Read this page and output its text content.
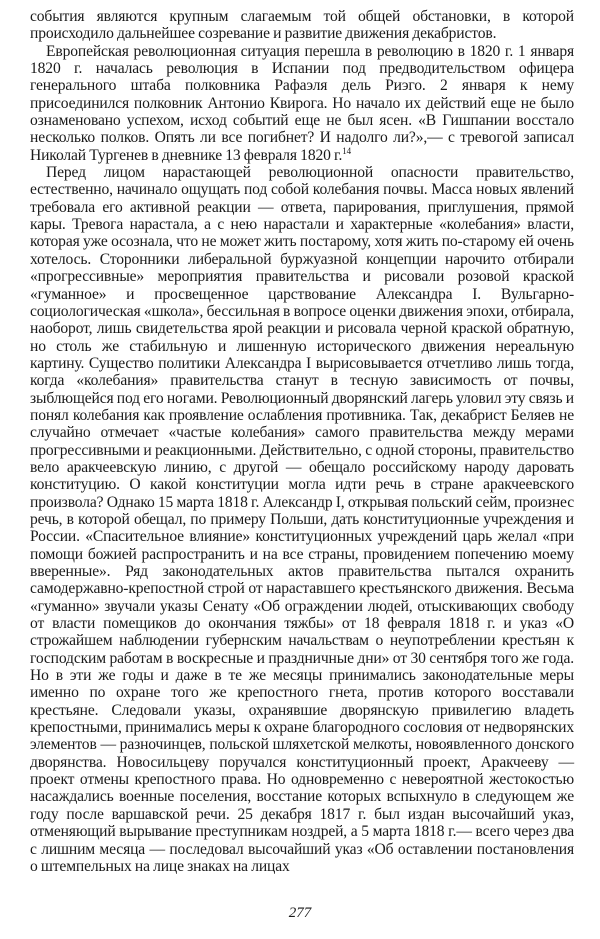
события являются крупным слагаемым той общей обстановки, в которой происходило дальнейшее созревание и развитие движения декабристов.

Европейская революционная ситуация перешла в революцию в 1820 г. 1 января 1820 г. началась революция в Испании под предводительством офицера генерального штаба полковника Рафаэля дель Риэго. 2 января к нему присоединился полковник Антонио Квирога. Но начало их действий еще не было ознаменовано успехом, исход событий еще не был ясен. «В Гишпании восстало несколько полков. Опять ли все погибнет? И надолго ли?»,— с тревогой записал Николай Тургенев в дневнике 13 февраля 1820 г.$^{14}$

Перед лицом нарастающей революционной опасности правительство, естественно, начинало ощущать под собой колебания почвы. Масса новых явлений требовала его активной реакции — ответа, парирования, приглушения, прямой кары. Тревога нарастала, а с нею нарастали и характерные «колебания» власти, которая уже осознала, что не может жить постарому, хотя жить по-старому ей очень хотелось. Сторонники либеральной буржуазной концепции нарочито отбирали «прогрессивные» мероприятия правительства и рисовали розовой краской «гуманное» и просвещенное царствование Александра I. Вульгарно-социологическая «школа», бессильная в вопросе оценки движения эпохи, отбирала, наоборот, лишь свидетельства ярой реакции и рисовала черной краской обратную, но столь же стабильную и лишенную исторического движения нереальную картину. Существо политики Александра I вырисовывается отчетливо лишь тогда, когда «колебания» правительства станут в тесную зависимость от почвы, зыблющейся под его ногами. Революционный дворянский лагерь уловил эту связь и понял колебания как проявление ослабления противника. Так, декабрист Беляев не случайно отмечает «частые колебания» самого правительства между мерами прогрессивными и реакционными. Действительно, с одной стороны, правительство вело аракчеевскую линию, с другой — обещало российскому народу даровать конституцию. О какой конституции могла идти речь в стране аракчеевского произвола? Однако 15 марта 1818 г. Александр I, открывая польский сейм, произнес речь, в которой обещал, по примеру Польши, дать конституционные учреждения и России. «Спасительное влияние» конституционных учреждений царь желал «при помощи божией распространить и на все страны, провидением попечению моему вверенные». Ряд законодательных актов правительства пытался охранить самодержавно-крепостной строй от нараставшего крестьянского движения. Весьма «гуманно» звучали указы Сенату «Об ограждении людей, отыскивающих свободу от власти помещиков до окончания тяжбы» от 18 февраля 1818 г. и указ «О строжайшем наблюдении губернским начальствам о неупотреблении крестьян к господским работам в воскресные и праздничные дни» от 30 сентября того же года. Но в эти же годы и даже в те же месяцы принимались законодательные меры именно по охране того же крепостного гнета, против которого восставали крестьяне. Следовали указы, охранявшие дворянскую привилегию владеть крепостными, принимались меры к охране благородного сословия от недворянских элементов — разночинцев, польской шляхетской мелкоты, новоявленного донского дворянства. Новосильцеву поручался конституционный проект, Аракчееву — проект отмены крепостного права. Но одновременно с невероятной жестокостью насаждались военные поселения, восстание которых вспыхнуло в следующем же году после варшавской речи. 25 декабря 1817 г. был издан высочайший указ, отменяющий вырывание преступникам ноздрей, а 5 марта 1818 г.— всего через два с лишним месяца — последовал высочайший указ «Об оставлении постановления о штемпельных на лице знаках на лицах

277
